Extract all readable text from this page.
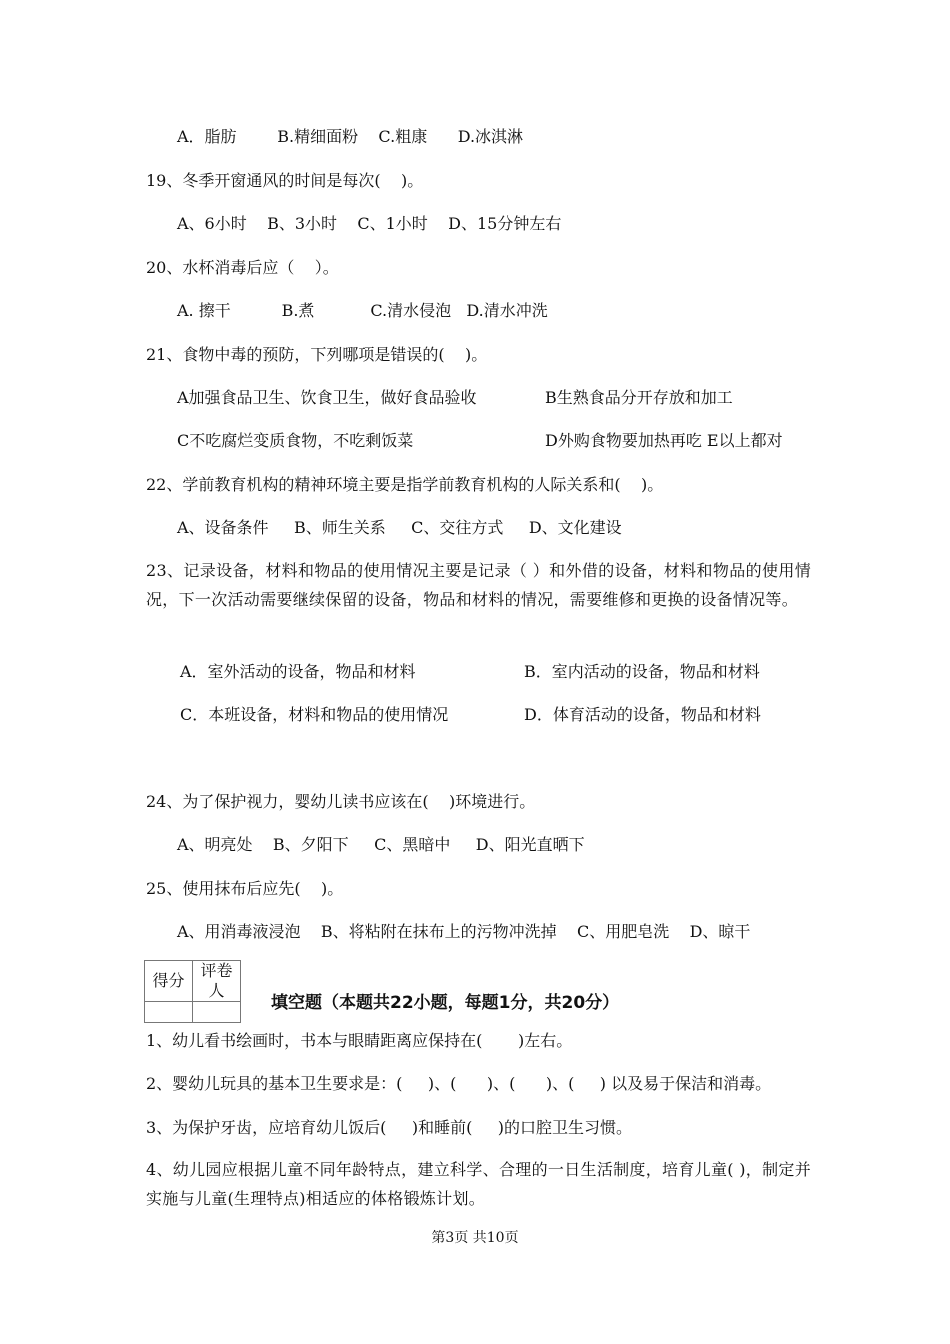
A．脂肪        B.精细面粉    C.粗康      D.冰淇淋
19、冬季开窗通风的时间是每次(    )。
A、6小时    B、3小时    C、1小时    D、15分钟左右
20、水杯消毒后应（    ）。
A. 擦干          B.煮           C.清水侵泡   D.清水冲洗
21、食物中毒的预防，下列哪项是错误的(    )。
A加强食品卫生、饮食卫生，做好食品验收	B生熟食品分开存放和加工
C不吃腐烂变质食物，不吃剩饭菜	D外购食物要加热再吃 E以上都对
22、学前教育机构的精神环境主要是指学前教育机构的人际关系和(    )。
A、设备条件     B、师生关系     C、交往方式     D、文化建设
23、记录设备，材料和物品的使用情况主要是记录（ ）和外借的设备，材料和物品的使用情况，下一次活动需要继续保留的设备，物品和材料的情况，需要维修和更换的设备情况等。
A．室外活动的设备，物品和材料	B．室内活动的设备，物品和材料
C．本班设备，材料和物品的使用情况	D．体育活动的设备，物品和材料
24、为了保护视力，婴幼儿读书应该在(    )环境进行。
A、明亮处    B、夕阳下     C、黑暗中     D、阳光直晒下
25、使用抹布后应先(    )。
A、用消毒液浸泡    B、将粘附在抹布上的污物冲洗掉    C、用肥皂洗    D、晾干
得分	评卷人

填空题（本题共22小题，每题1分，共20分）
1、幼儿看书绘画时，书本与眼睛距离应保持在(       )左右。
2、婴幼儿玩具的基本卫生要求是：(     )、(      )、(      )、(     ) 以及易于保洁和消毒。
3、为保护牙齿，应培育幼儿饭后(     )和睡前(     )的口腔卫生习惯。
4、幼儿园应根据儿童不同年龄特点，建立科学、合理的一日生活制度，培育儿童( )，制定并实施与儿童(生理特点)相适应的体格锻炼计划。
第3页 共10页
